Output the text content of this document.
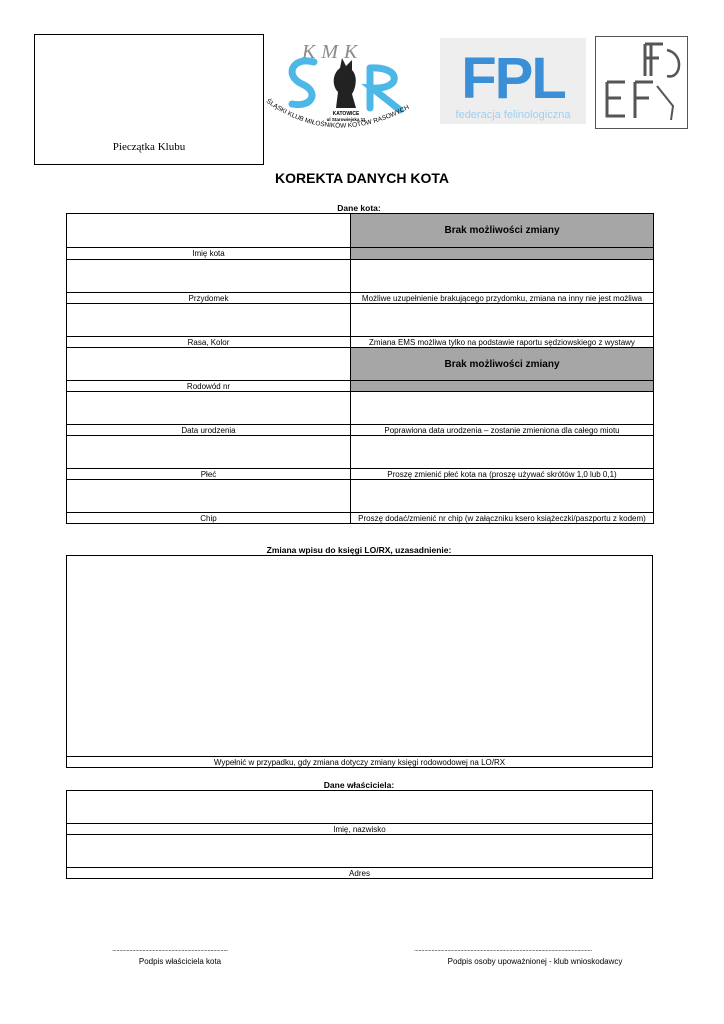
Pieczątka Klubu
KMK
KATOWICE
ul Starowiejska 11
ŚLĄSKI KLUB MIŁOŚNIKÓW KOTÓW RASOWYCH FPL
federacja felinologiczna
KOREKTA DANYCH KOTA
Dane kota:
	Brak możliwości zmiany
Imię kota	

Przydomek	Możliwe uzupełnienie brakującego przydomku, zmiana na inny nie jest możliwa

Rasa, Kolor	Zmiana EMS możliwa tylko na podstawie raportu sędziowskiego z wystawy
	Brak możliwości zmiany
Rodowód nr	

Data urodzenia	Poprawiona data urodzenia – zostanie zmieniona dla całego miotu

Płeć	Proszę zmienić płeć kota na (proszę używać skrótów 1,0 lub 0,1)

Chip	Proszę dodać/zmienić nr chip (w załączniku ksero książeczki/paszportu z kodem)
Zmiana wpisu do księgi LO/RX, uzasadnienie:

Wypełnić w przypadku, gdy zmiana dotyczy zmiany księgi rodowodowej na LO/RX
Dane właściciela:

Imię, nazwisko

Adres
................................................................................
Podpis właściciela kota
...........................................................................................................................
Podpis osoby upoważnionej - klub wnioskodawcy
